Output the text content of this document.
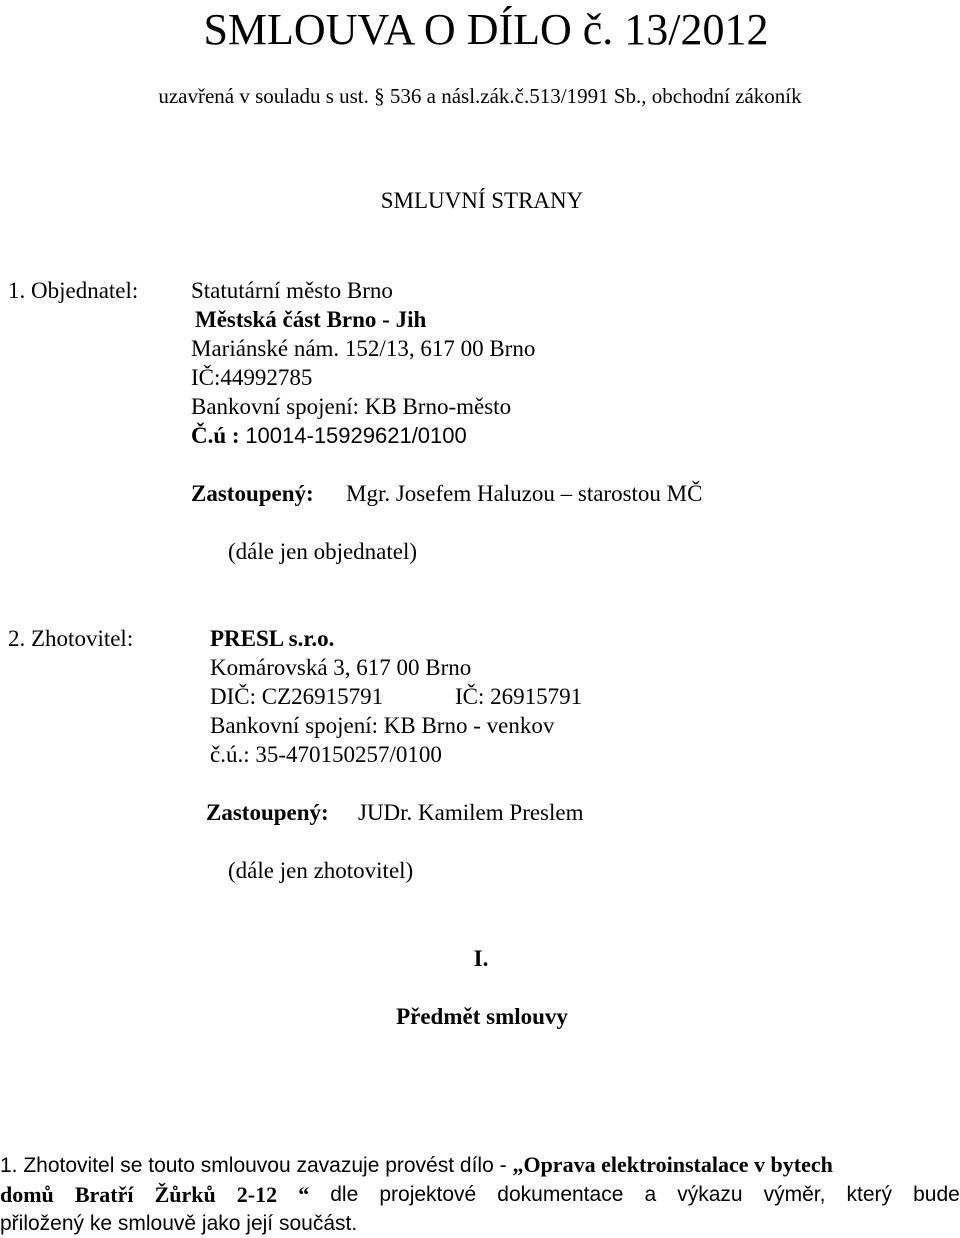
SMLOUVA O DÍLO č. 13/2012
uzavřená v souladu s ust. § 536 a násl.zák.č.513/1991 Sb., obchodní zákoník
SMLUVNÍ STRANY
1. Objednatel: Statutární město Brno
Městská část Brno - Jih
Mariánské nám. 152/13, 617 00 Brno
IČ:44992785
Bankovní spojení: KB Brno-město
Č.ú : 10014-15929621/0100
Zastoupený: Mgr. Josefem Haluzou – starostou MČ
(dále jen objednatel)
2. Zhotovitel:	PRESL s.r.o.
Komárovská 3, 617 00 Brno
DIČ: CZ26915791	IČ: 26915791
Bankovní spojení: KB Brno - venkov
č.ú.: 35-470150257/0100
Zastoupený: JUDr. Kamilem Preslem
(dále jen zhotovitel)
I.
Předmět smlouvy
1. Zhotovitel se touto smlouvou zavazuje provést dílo - „Oprava elektroinstalace v bytech
domů Bratří Žůrků 2-12 “ dle projektové dokumentace a výkazu výměr, který bude
přiložený ke smlouvě jako její součást.
